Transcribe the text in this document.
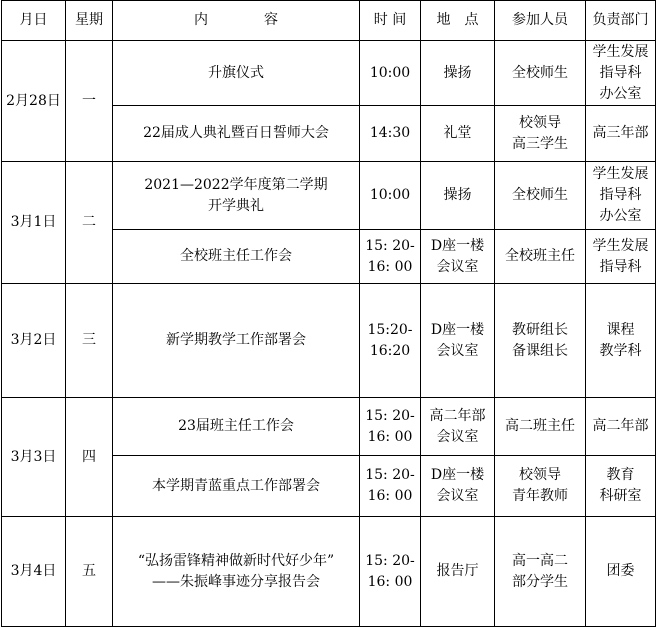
月日	星期	内　　　　容	时 间	地　点	参加人员	负责部门
2月28日	一	升旗仪式	10:00	操扬	全校师生	学生发展
指导科
办公室
		22届成人典礼暨百日誓师大会	14:30	礼堂	校领导
高三学生	高三年部
3月1日	二	2021—2022学年度第二学期
开学典礼	10:00	操扬	全校师生	学生发展
指导科
办公室
		全校班主任工作会	15: 20-
16: 00	D座一楼
会议室	全校班主任	学生发展
指导科
3月2日	三	新学期教学工作部署会	15:20-
16:20	D座一楼
会议室	教研组长
备课组长	课程
教学科
3月3日	四	23届班主任工作会	15: 20-
16: 00	高二年部
会议室	高二班主任	高二年部
		本学期青蓝重点工作部署会	15: 20-
16: 00	D座一楼
会议室	校领导
青年教师	教育
科研室
3月4日	五	“弘扬雷锋精神做新时代好少年”
——朱振峰事迹分享报告会	15: 20-
16: 00	报告厅	高一高二
部分学生	团委
